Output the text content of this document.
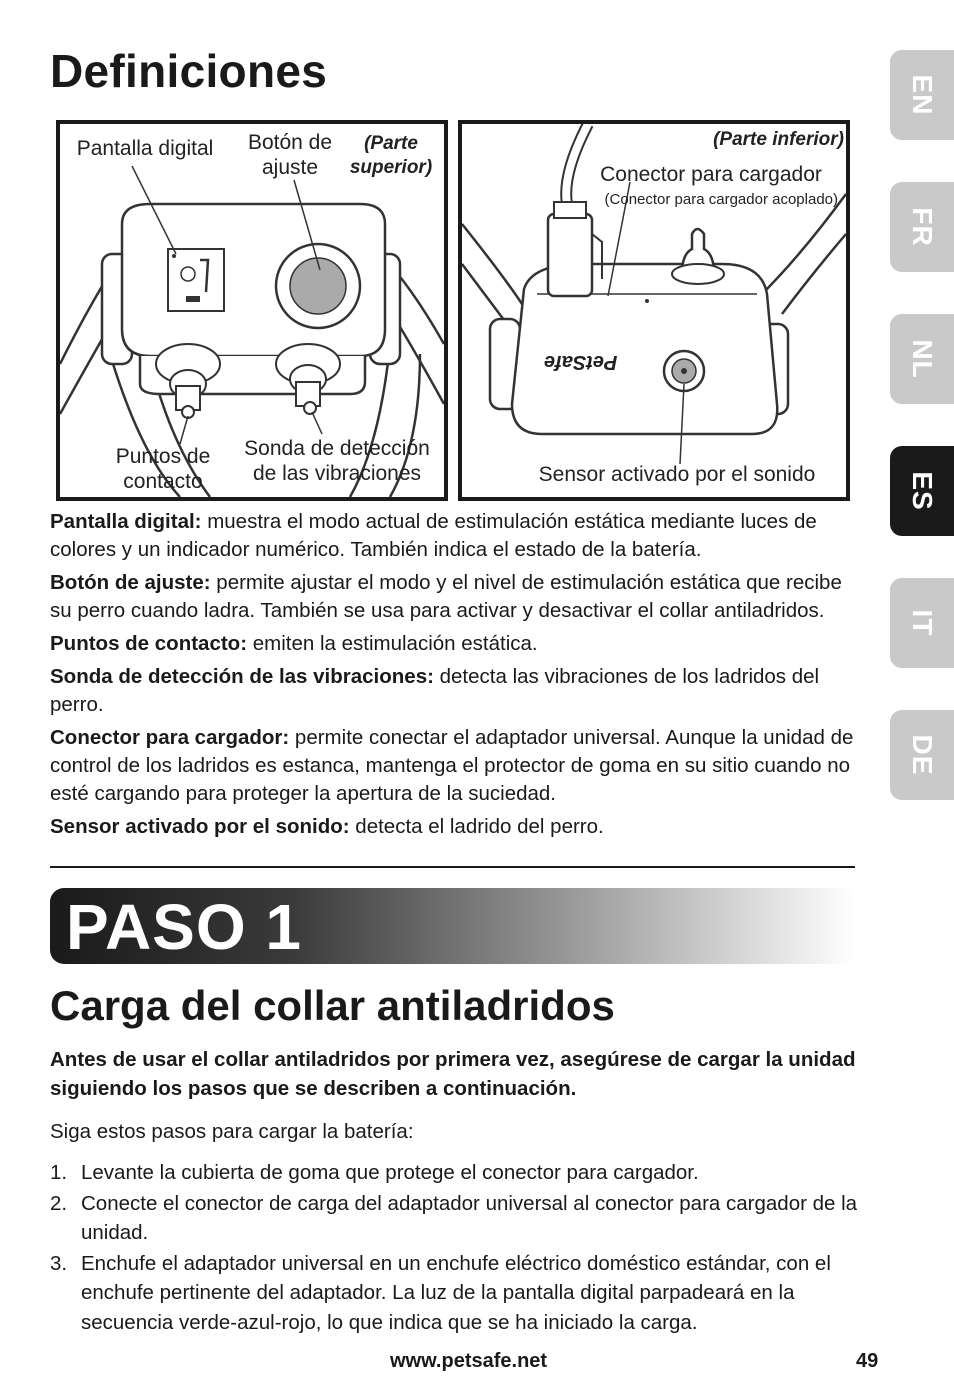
Definiciones
Pantalla digital	Botón de ajuste
(Parte superior)
Puntos de contacto
Sonda de detección de las vibraciones
PetSafe
(Parte inferior)
Conector para cargador
(Conector para cargador acoplado)
Sensor activado por el sonido

Pantalla digital: muestra el modo actual de estimulación estática mediante luces de colores y un indicador numérico. También indica el estado de la batería.

Botón de ajuste: permite ajustar el modo y el nivel de estimulación estática que recibe su perro cuando ladra. También se usa para activar y desactivar el collar antiladridos.

Puntos de contacto: emiten la estimulación estática.

Sonda de detección de las vibraciones: detecta las vibraciones de los ladridos del perro.

Conector para cargador: permite conectar el adaptador universal. Aunque la unidad de control de los ladridos es estanca, mantenga el protector de goma en su sitio cuando no esté cargando para proteger la apertura de la suciedad.

Sensor activado por el sonido: detecta el ladrido del perro.

PASO 1
Carga del collar antiladridos
Antes de usar el collar antiladridos por primera vez, asegúrese de cargar la unidad siguiendo los pasos que se describen a continuación.
Siga estos pasos para cargar la batería:
1. Levante la cubierta de goma que protege el conector para cargador.
2. Conecte el conector de carga del adaptador universal al conector para cargador de la unidad.
3. Enchufe el adaptador universal en un enchufe eléctrico doméstico estándar, con el enchufe pertinente del adaptador. La luz de la pantalla digital parpadeará en la secuencia verde-azul-rojo, lo que indica que se ha iniciado la carga.
www.petsafe.net	49
EN
FR
NL
ES
IT
DE
